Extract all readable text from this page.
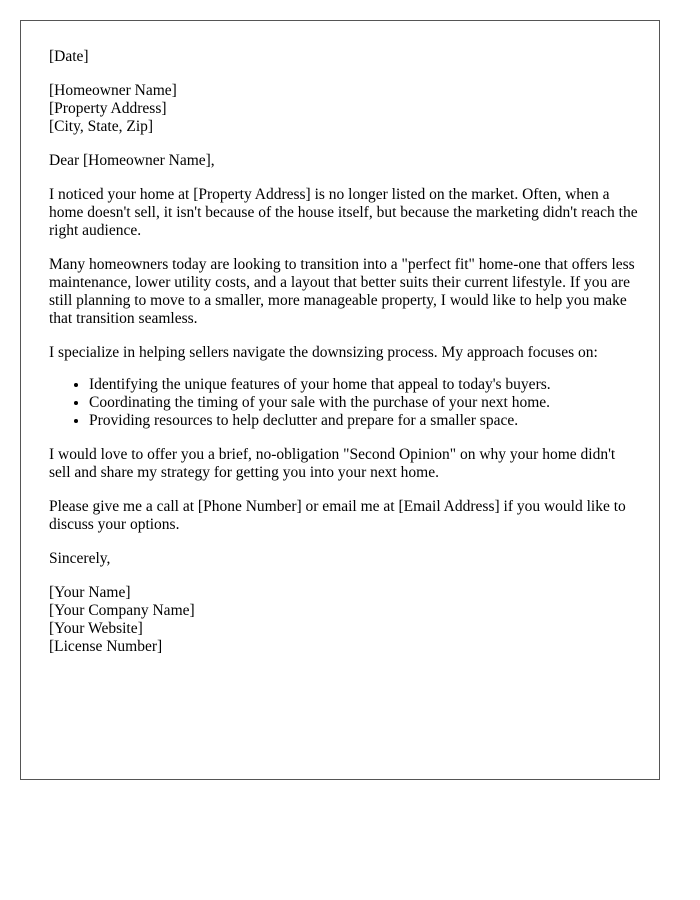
[Date]

[Homeowner Name]
[Property Address]
[City, State, Zip]

Dear [Homeowner Name],

I noticed your home at [Property Address] is no longer listed on the market. Often, when a home doesn't sell, it isn't because of the house itself, but because the marketing didn't reach the right audience.

Many homeowners today are looking to transition into a "perfect fit" home-one that offers less maintenance, lower utility costs, and a layout that better suits their current lifestyle. If you are still planning to move to a smaller, more manageable property, I would like to help you make that transition seamless.

I specialize in helping sellers navigate the downsizing process. My approach focuses on:

• Identifying the unique features of your home that appeal to today's buyers.
• Coordinating the timing of your sale with the purchase of your next home.
• Providing resources to help declutter and prepare for a smaller space.

I would love to offer you a brief, no-obligation "Second Opinion" on why your home didn't sell and share my strategy for getting you into your next home.

Please give me a call at [Phone Number] or email me at [Email Address] if you would like to discuss your options.

Sincerely,

[Your Name]
[Your Company Name]
[Your Website]
[License Number]
